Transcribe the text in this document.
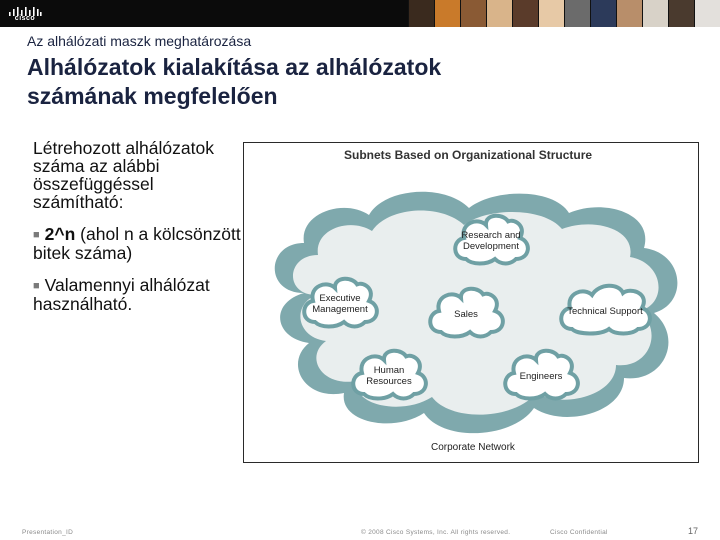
cisco
Az alhálózati maszk meghatározása
Alhálózatok kialakítása az alhálózatok
számának megfelelően

Létrehozott alhálózatok száma az alábbi összefüggéssel számítható:

■ 2^n (ahol n a kölcsönzött bitek száma)

■ Valamennyi alhálózat használható.

Subnets Based on Organizational Structure
Research and
Development
Executive
Management	Sales	Technical Support
Human
Resources	Engineers
Corporate Network
Presentation_ID	© 2008 Cisco Systems, Inc. All rights reserved.	Cisco Confidential	17
